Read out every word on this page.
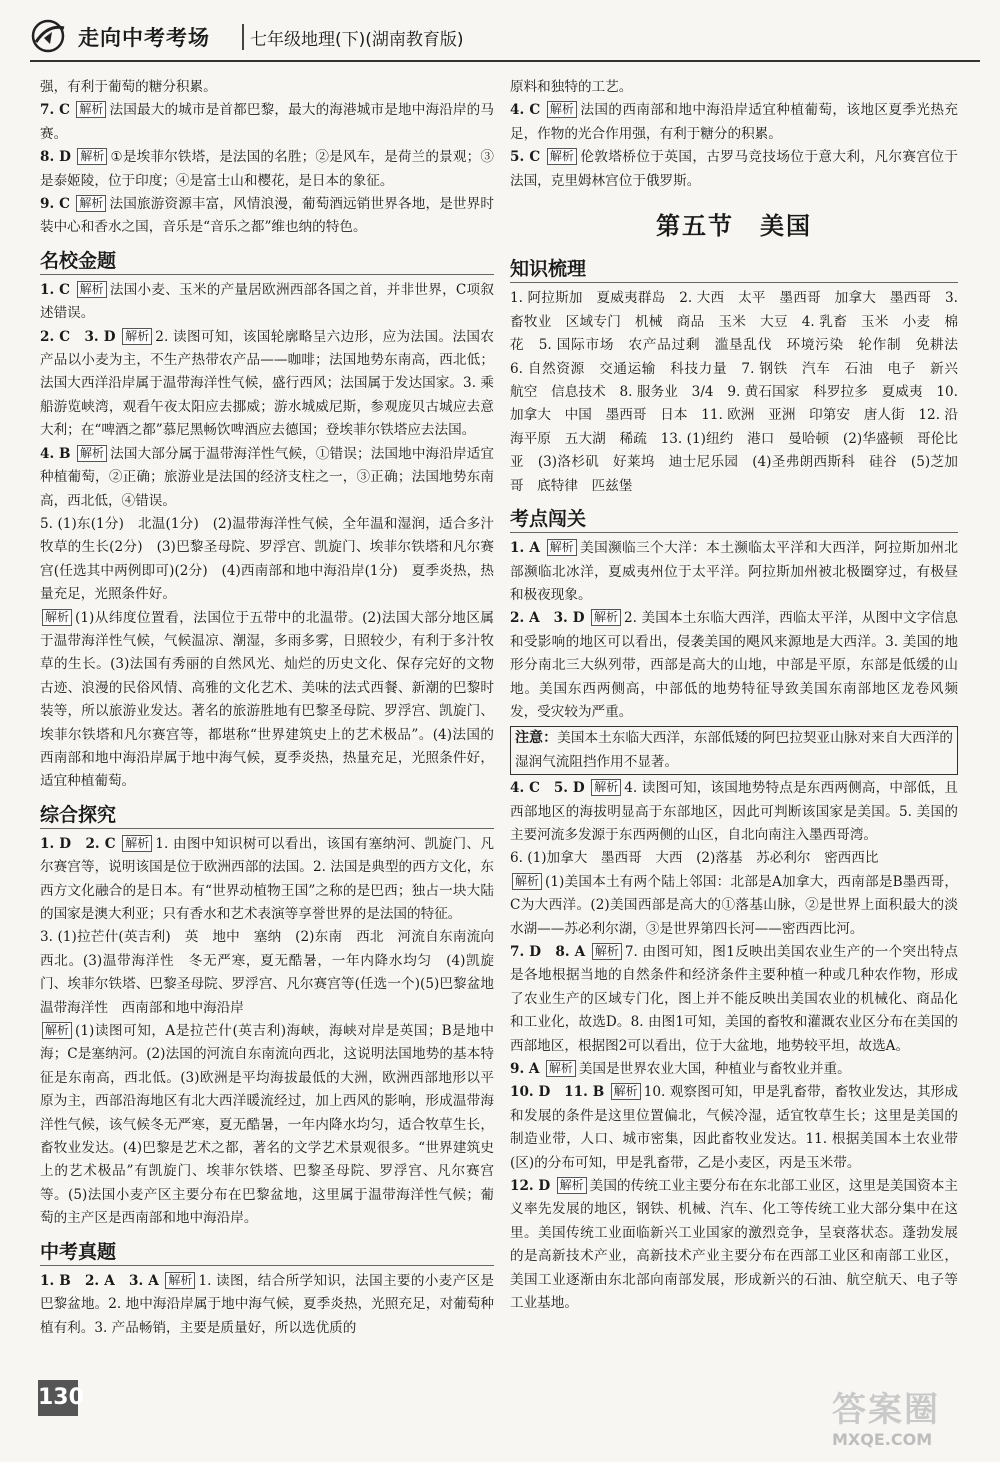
走向中考考场 七年级地理(下)(湖南教育版)

强，有利于葡萄的糖分积累。

7. C 解析 法国最大的城市是首都巴黎，最大的海港城市是地中海沿岸的马赛。

8. D 解析 ①是埃菲尔铁塔，是法国的名胜；②是风车，是荷兰的景观；③是泰姬陵，位于印度；④是富士山和樱花，是日本的象征。

9. C 解析 法国旅游资源丰富，风情浪漫，葡萄酒远销世界各地，是世界时装中心和香水之国，音乐是“音乐之都”维也纳的特色。

名校金题

1. C 解析 法国小麦、玉米的产量居欧洲西部各国之首，并非世界，C项叙述错误。

2. C　3. D 解析 2. 读图可知，该国轮廓略呈六边形，应为法国。法国农产品以小麦为主，不生产热带农产品——咖啡；法国地势东南高，西北低；法国大西洋沿岸属于温带海洋性气候，盛行西风；法国属于发达国家。3. 乘船游览峡湾，观看午夜太阳应去挪威；游水城威尼斯，参观庞贝古城应去意大利；在“啤酒之都”慕尼黑畅饮啤酒应去德国；登埃菲尔铁塔应去法国。

4. B 解析 法国大部分属于温带海洋性气候，①错误；法国地中海沿岸适宜种植葡萄，②正确；旅游业是法国的经济支柱之一，③正确；法国地势东南高，西北低，④错误。

5. (1)东(1分)　北温(1分)　(2)温带海洋性气候，全年温和湿润，适合多汁牧草的生长(2分)　(3)巴黎圣母院、罗浮宫、凯旋门、埃菲尔铁塔和凡尔赛宫(任选其中两例即可)(2分)　(4)西南部和地中海沿岸(1分)　夏季炎热，热量充足，光照条件好。

解析 (1)从纬度位置看，法国位于五带中的北温带。(2)法国大部分地区属于温带海洋性气候，气候温凉、潮湿，多雨多雾，日照较少，有利于多汁牧草的生长。(3)法国有秀丽的自然风光、灿烂的历史文化、保存完好的文物古迹、浪漫的民俗风情、高雅的文化艺术、美味的法式西餐、新潮的巴黎时装等，所以旅游业发达。著名的旅游胜地有巴黎圣母院、罗浮宫、凯旋门、埃菲尔铁塔和凡尔赛宫等，都堪称“世界建筑史上的艺术极品”。(4)法国的西南部和地中海沿岸属于地中海气候，夏季炎热，热量充足，光照条件好，适宜种植葡萄。

综合探究

1. D　2. C 解析 1. 由图中知识树可以看出，该国有塞纳河、凯旋门、凡尔赛宫等，说明该国是位于欧洲西部的法国。2. 法国是典型的西方文化，东西方文化融合的是日本。有“世界动植物王国”之称的是巴西；独占一块大陆的国家是澳大利亚；只有香水和艺术表演等享誉世界的是法国的特征。

3. (1)拉芒什(英吉利)　英　地中　塞纳　(2)东南　西北　河流自东南流向西北。(3)温带海洋性　冬无严寒，夏无酷暑，一年内降水均匀　(4)凯旋门、埃菲尔铁塔、巴黎圣母院、罗浮宫、凡尔赛宫等(任选一个)(5)巴黎盆地　温带海洋性　西南部和地中海沿岸

解析 (1)读图可知，A是拉芒什(英吉利)海峡，海峡对岸是英国；B是地中海；C是塞纳河。(2)法国的河流自东南流向西北，这说明法国地势的基本特征是东南高，西北低。(3)欧洲是平均海拔最低的大洲，欧洲西部地形以平原为主，西部沿海地区有北大西洋暖流经过，加上西风的影响，形成温带海洋性气候，该气候冬无严寒，夏无酷暑，一年内降水均匀，适合牧草生长，畜牧业发达。(4)巴黎是艺术之都，著名的文学艺术景观很多。“世界建筑史上的艺术极品”有凯旋门、埃菲尔铁塔、巴黎圣母院、罗浮宫、凡尔赛宫等。(5)法国小麦产区主要分布在巴黎盆地，这里属于温带海洋性气候；葡萄的主产区是西南部和地中海沿岸。

中考真题

1. B　2. A　3. A 解析 1. 读图，结合所学知识，法国主要的小麦产区是巴黎盆地。2. 地中海沿岸属于地中海气候，夏季炎热，光照充足，对葡萄种植有利。3. 产品畅销，主要是质量好，所以选优质的

原料和独特的工艺。

4. C 解析 法国的西南部和地中海沿岸适宜种植葡萄，该地区夏季光热充足，作物的光合作用强，有利于糖分的积累。

5. C 解析 伦敦塔桥位于英国，古罗马竞技场位于意大利，凡尔赛宫位于法国，克里姆林宫位于俄罗斯。

第五节　美国
知识梳理

1. 阿拉斯加　夏威夷群岛　2. 大西　太平　墨西哥　加拿大　墨西哥　3. 畜牧业　区域专门　机械　商品　玉米　大豆　4. 乳畜　玉米　小麦　棉花　5. 国际市场　农产品过剩　滥垦乱伐　环境污染　轮作制　免耕法　6. 自然资源　交通运输　科技力量　7. 钢铁　汽车　石油　电子　新兴　航空　信息技术　8. 服务业　3/4　9. 黄石国家　科罗拉多　夏威夷　10. 加拿大　中国　墨西哥　日本　11. 欧洲　亚洲　印第安　唐人街　12. 沿海平原　五大湖　稀疏　13. (1)纽约　港口　曼哈顿　(2)华盛顿　哥伦比亚　(3)洛杉矶　好莱坞　迪士尼乐园　(4)圣弗朗西斯科　硅谷　(5)芝加哥　底特律　匹兹堡

考点闯关

1. A 解析 美国濒临三个大洋：本土濒临太平洋和大西洋，阿拉斯加州北部濒临北冰洋，夏威夷州位于太平洋。阿拉斯加州被北极圈穿过，有极昼和极夜现象。

2. A　3. D 解析 2. 美国本土东临大西洋，西临太平洋，从图中文字信息和受影响的地区可以看出，侵袭美国的飓风来源地是大西洋。3. 美国的地形分南北三大纵列带，西部是高大的山地，中部是平原，东部是低缓的山地。美国东西两侧高，中部低的地势特征导致美国东南部地区龙卷风频发，受灾较为严重。

注意：美国本土东临大西洋，东部低矮的阿巴拉契亚山脉对来自大西洋的湿润气流阻挡作用不显著。

4. C　5. D 解析 4. 读图可知，该国地势特点是东西两侧高，中部低，且西部地区的海拔明显高于东部地区，因此可判断该国家是美国。5. 美国的主要河流多发源于东西两侧的山区，自北向南注入墨西哥湾。

6. (1)加拿大　墨西哥　大西　(2)落基　苏必利尔　密西西比

解析 (1)美国本土有两个陆上邻国：北部是A加拿大，西南部是B墨西哥，C为大西洋。(2)美国西部是高大的①落基山脉，②是世界上面积最大的淡水湖——苏必利尔湖，③是世界第四长河——密西西比河。

7. D　8. A 解析 7. 由图可知，图1反映出美国农业生产的一个突出特点是各地根据当地的自然条件和经济条件主要种植一种或几种农作物，形成了农业生产的区域专门化，图上并不能反映出美国农业的机械化、商品化和工业化，故选D。8. 由图1可知，美国的畜牧和灌溉农业区分布在美国的西部地区，根据图2可以看出，位于大盆地，地势较平坦，故选A。

9. A 解析 美国是世界农业大国，种植业与畜牧业并重。

10. D　11. B 解析 10. 观察图可知，甲是乳畜带，畜牧业发达，其形成和发展的条件是这里位置偏北，气候冷湿，适宜牧草生长；这里是美国的制造业带，人口、城市密集，因此畜牧业发达。11. 根据美国本土农业带(区)的分布可知，甲是乳畜带，乙是小麦区，丙是玉米带。

12. D 解析 美国的传统工业主要分布在东北部工业区，这里是美国资本主义率先发展的地区，钢铁、机械、汽车、化工等传统工业大部分集中在这里。美国传统工业面临新兴工业国家的激烈竞争，呈衰落状态。蓬勃发展的是高新技术产业，高新技术产业主要分布在西部工业区和南部工业区，美国工业逐渐由东北部向南部发展，形成新兴的石油、航空航天、电子等工业基地。

130	答案圈
MXQE.COM
